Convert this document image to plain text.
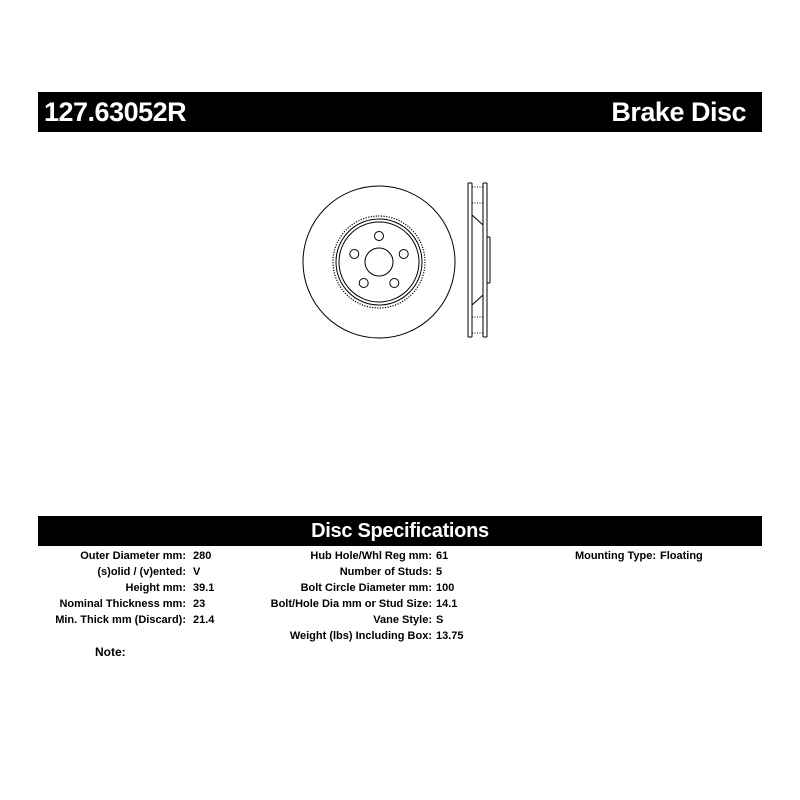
127.63052R	Brake Disc
Disc Specifications
Outer Diameter mm: 280
(s)olid / (v)ented: V
Height mm: 39.1
Nominal Thickness mm: 23
Min. Thick mm (Discard): 21.4
Hub Hole/Whl Reg mm: 61
Number of Studs: 5
Bolt Circle Diameter mm: 100
Bolt/Hole Dia mm or Stud Size: 14.1
Vane Style: S
Weight (lbs) Including Box: 13.75
Mounting Type: Floating
Note:
